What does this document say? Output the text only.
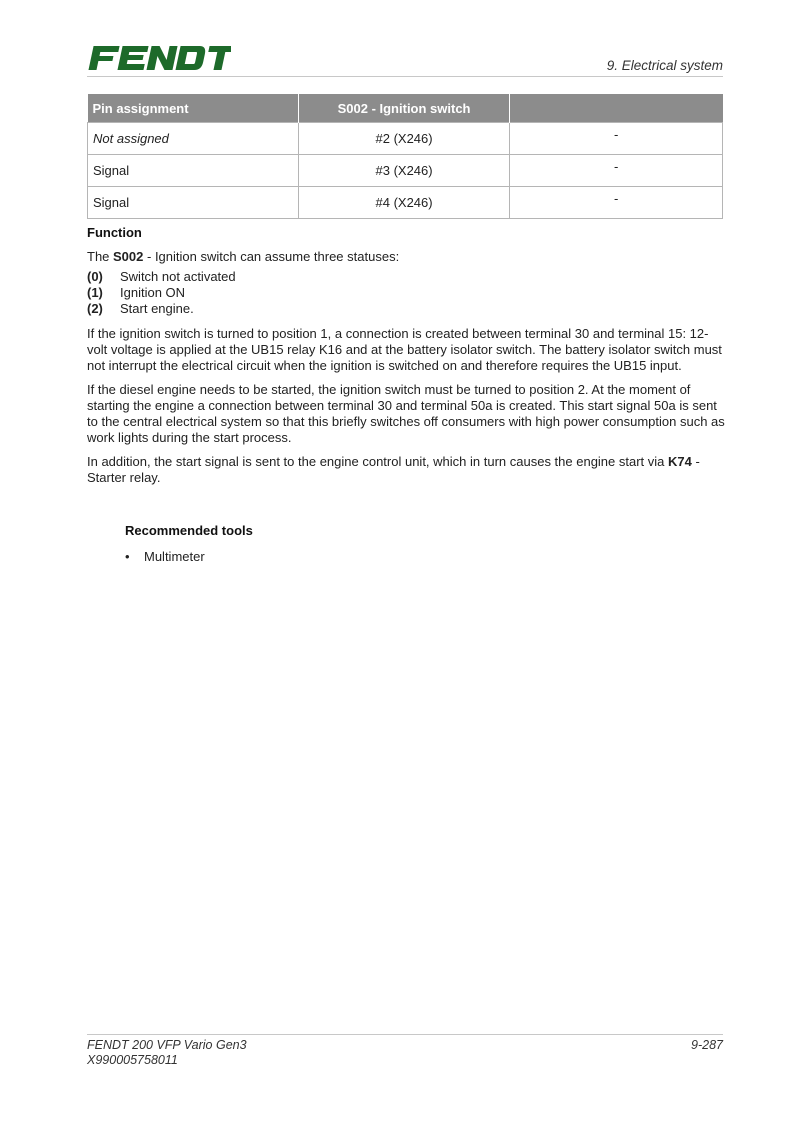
9. Electrical system
Pin assignment	S002 - Ignition switch	
Not assigned	#2 (X246)	-
Signal	#3 (X246)	-
Signal	#4 (X246)	-
Function

The S002 - Ignition switch can assume three statuses:

(0)	Switch not activated
(1)	Ignition ON
(2)	Start engine.

If the ignition switch is turned to position 1, a connection is created between terminal 30 and terminal 15: 12-volt voltage is applied at the UB15 relay K16 and at the battery isolator switch. The battery isolator switch must not interrupt the electrical circuit when the ignition is switched on and therefore requires the UB15 input.

If the diesel engine needs to be started, the ignition switch must be turned to position 2. At the moment of starting the engine a connection between terminal 30 and terminal 50a is created. This start signal 50a is sent to the central electrical system so that this briefly switches off consumers with high power consumption such as work lights during the start process.

In addition, the start signal is sent to the engine control unit, which in turn causes the engine start via K74 - Starter relay.

Recommended tools
•	Multimeter
FENDT 200 VFP Vario Gen3
X990005758011
9-287
